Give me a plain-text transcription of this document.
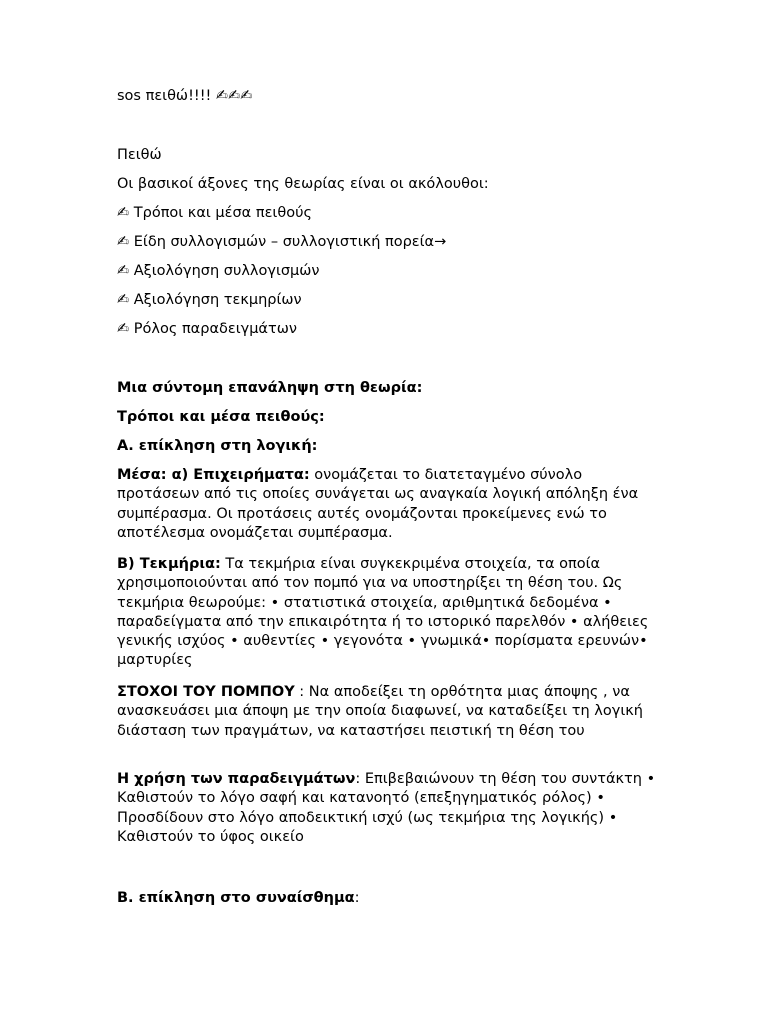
sos πειθώ!!!! ✍✍✍

Πειθώ

Οι βασικοί άξονες της θεωρίας είναι οι ακόλουθοι:

✍ Τρόποι και μέσα πειθούς

✍ Είδη συλλογισμών – συλλογιστική πορεία→

✍ Αξιολόγηση συλλογισμών

✍ Αξιολόγηση τεκμηρίων

✍ Ρόλος παραδειγμάτων

Μια σύντομη επανάληψη στη θεωρία:

Τρόποι και μέσα πειθούς:

Α. επίκληση στη λογική:

Μέσα: α) Επιχειρήματα: ονομάζεται το διατεταγμένο σύνολο προτάσεων από τις οποίες συνάγεται ως αναγκαία λογική απόληξη ένα συμπέρασμα. Οι προτάσεις αυτές ονομάζονται προκείμενες ενώ το αποτέλεσμα ονομάζεται συμπέρασμα.

Β) Τεκμήρια: Τα τεκμήρια είναι συγκεκριμένα στοιχεία, τα οποία χρησιμοποιούνται από τον πομπό για να υποστηρίξει τη θέση του. Ως τεκμήρια θεωρούμε: • στατιστικά στοιχεία, αριθμητικά δεδομένα • παραδείγματα από την επικαιρότητα ή το ιστορικό παρελθόν • αλήθειες γενικής ισχύος • αυθεντίες • γεγονότα • γνωμικά• πορίσματα ερευνών• μαρτυρίες

ΣΤΟΧΟΙ ΤΟΥ ΠΟΜΠΟΥ : Να αποδείξει τη ορθότητα μιας άποψης , να ανασκευάσει μια άποψη με την οποία διαφωνεί, να καταδείξει τη λογική διάσταση των πραγμάτων, να καταστήσει πειστική τη θέση του

Η χρήση των παραδειγμάτων: Επιβεβαιώνουν τη θέση του συντάκτη • Καθιστούν το λόγο σαφή και κατανοητό (επεξηγηματικός ρόλος) • Προσδίδουν στο λόγο αποδεικτική ισχύ (ως τεκμήρια της λογικής) • Καθιστούν το ύφος οικείο

Β. επίκληση στο συναίσθημα:
